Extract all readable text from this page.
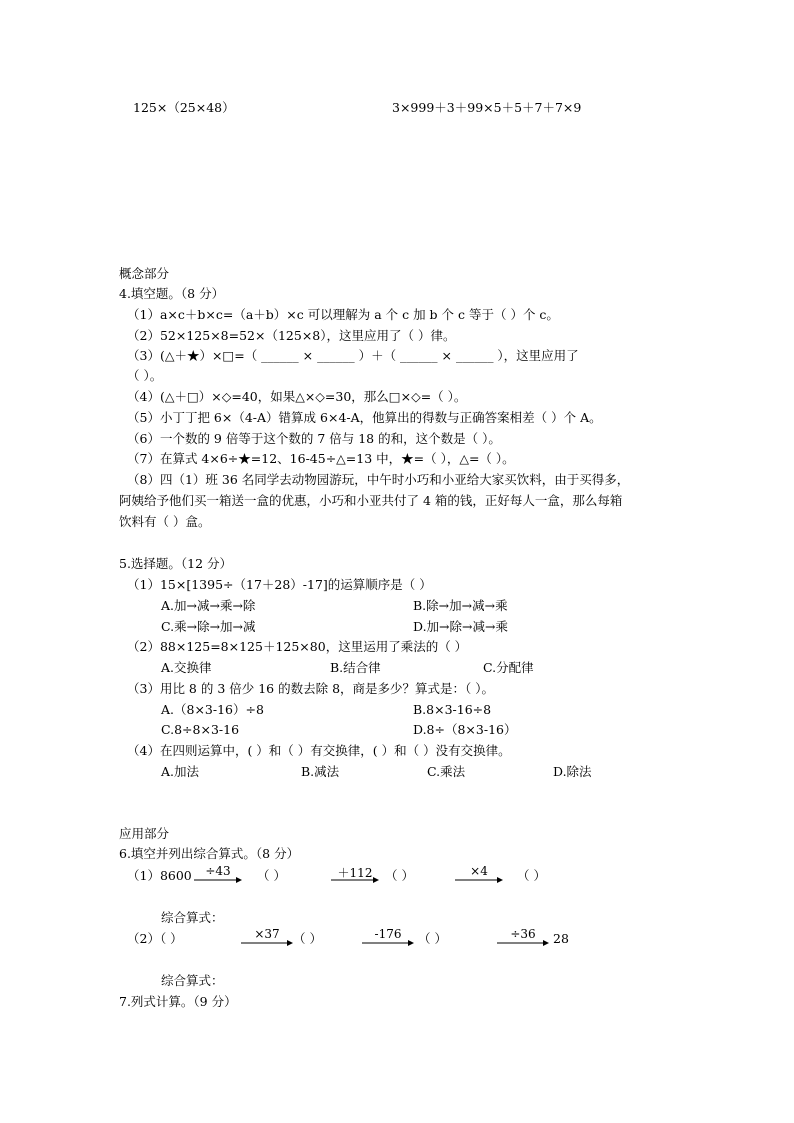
125×（25×48）	3×999＋3＋99×5＋5＋7＋7×9
概念部分
4.填空题。（8 分）
（1）a×c＋b×c=（a＋b）×c 可以理解为 a 个 c 加 b 个 c 等于（ ）个 c。
（2）52×125×8=52×（125×8），这里应用了（ ）律。
（3）(△＋★）×□=（ ______ × ______ ）＋（ ______ × ______ ），这里应用了
（ ）。
（4）(△＋□）×◇=40，如果△×◇=30，那么□×◇=（ ）。
（5）小丁丁把 6×（4-A）错算成 6×4-A，他算出的得数与正确答案相差（ ）个 A。
（6）一个数的 9 倍等于这个数的 7 倍与 18 的和，这个数是（ ）。
（7）在算式 4×6÷★=12、16-45÷△=13 中，★=（ ），△=（ ）。
（8）四（1）班 36 名同学去动物园游玩，中午时小巧和小亚给大家买饮料，由于买得多，
阿姨给予他们买一箱送一盒的优惠，小巧和小亚共付了 4 箱的钱，正好每人一盒，那么每箱
饮料有（ ）盒。
5.选择题。（12 分）
（1）15×[1395÷（17＋28）-17]的运算顺序是（ ）
A.加→减→乘→除	B.除→加→减→乘
C.乘→除→加→减	D.加→除→减→乘
（2）88×125=8×125＋125×80，这里运用了乘法的（ ）
A.交换律	B.结合律	C.分配律
（3）用比 8 的 3 倍少 16 的数去除 8，商是多少？算式是：（ ）。
A.（8×3-16）÷8	B.8×3-16÷8
C.8÷8×3-16	D.8÷（8×3-16）
（4）在四则运算中，( ）和（ ）有交换律，( ）和（ ）没有交换律。
A.加法	B.减法	C.乘法	D.除法
应用部分
6.填空并列出综合算式。（8 分）
（1）8600	÷43	（ ）	＋112	（ ）	×4	（ ）
综合算式：
（2）（ ）	×37	（ ）	-176	（ ）	÷36	28
综合算式：
7.列式计算。（9 分）
